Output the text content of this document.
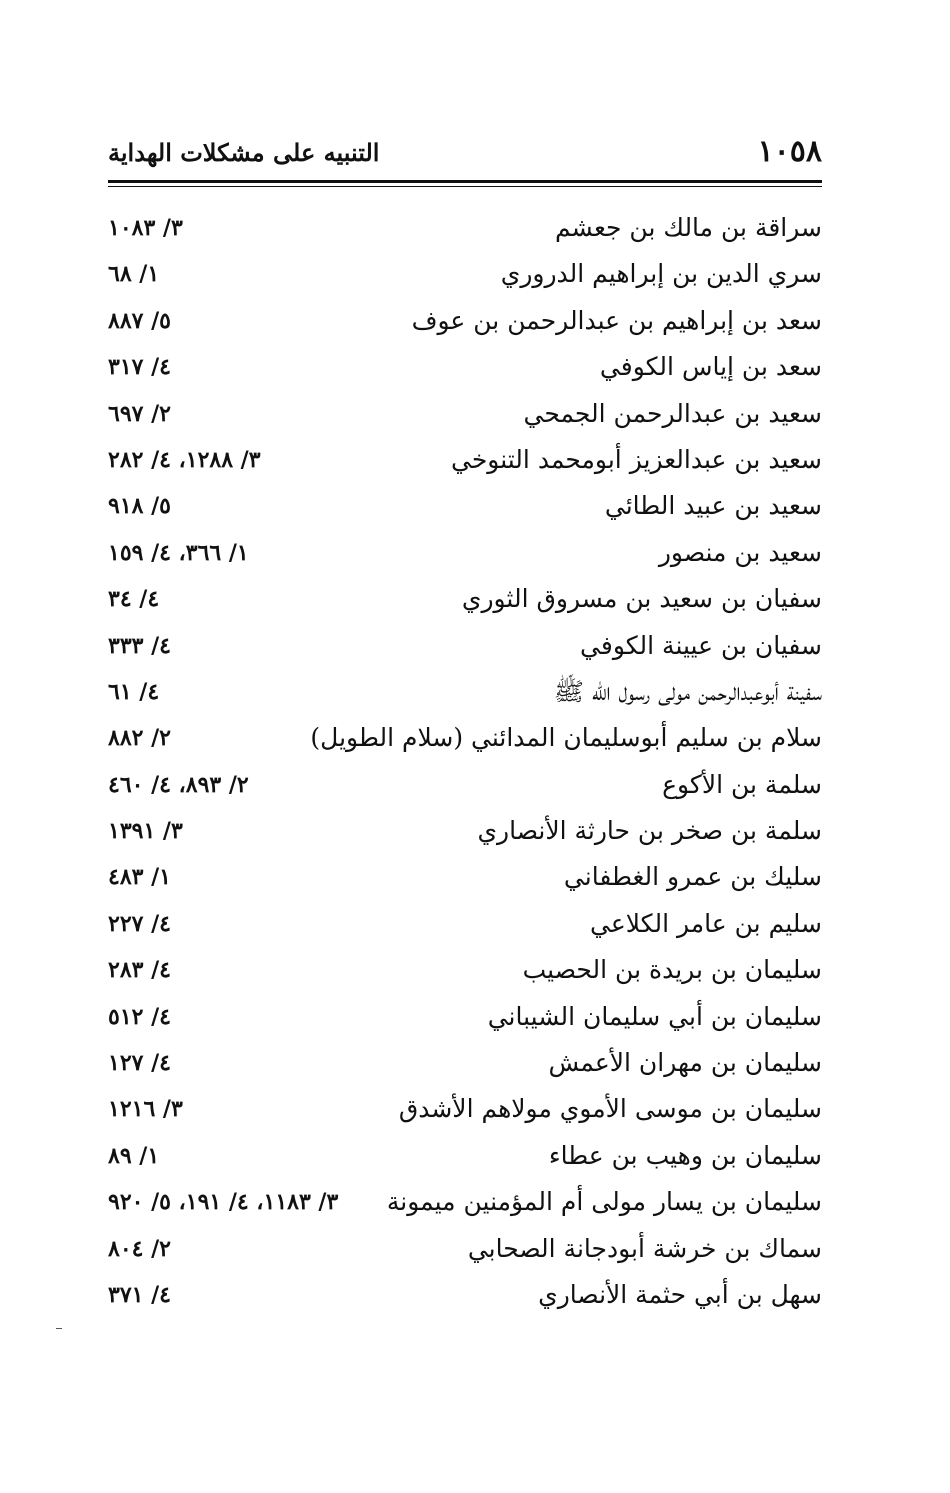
١٠٥٨
التنبيه على مشكلات الهداية
سراقة بن مالك بن جعشم
٣/ ١٠٨٣
سري الدين بن إبراهيم الدروري
١/ ٦٨
سعد بن إبراهيم بن عبدالرحمن بن عوف
٥/ ٨٨٧
سعد بن إياس الكوفي
٤/ ٣١٧
سعيد بن عبدالرحمن الجمحي
٢/ ٦٩٧
سعيد بن عبدالعزيز أبومحمد التنوخي
٣/ ١٢٨٨، ٤/ ٢٨٢
سعيد بن عبيد الطائي
٥/ ٩١٨
سعيد بن منصور
١/ ٣٦٦، ٤/ ١٥٩
سفيان بن سعيد بن مسروق الثوري
٤/ ٣٤
سفيان بن عيينة الكوفي
٤/ ٣٣٣
سفينة أبوعبدالرحمن مولى رسول اللّٰه ﷺ
٤/ ٦١
سلام بن سليم أبوسليمان المدائني (سلام الطويل)
٢/ ٨٨٢
سلمة بن الأكوع
٢/ ٨٩٣، ٤/ ٤٦٠
سلمة بن صخر بن حارثة الأنصاري
٣/ ١٣٩١
سليك بن عمرو الغطفاني
١/ ٤٨٣
سليم بن عامر الكلاعي
٤/ ٢٢٧
سليمان بن بريدة بن الحصيب
٤/ ٢٨٣
سليمان بن أبي سليمان الشيباني
٤/ ٥١٢
سليمان بن مهران الأعمش
٤/ ١٢٧
سليمان بن موسى الأموي مولاهم الأشدق
٣/ ١٢١٦
سليمان بن وهيب بن عطاء
١/ ٨٩
سليمان بن يسار مولى أم المؤمنين ميمونة
٣/ ١١٨٣، ٤/ ١٩١، ٥/ ٩٢٠
سماك بن خرشة أبودجانة الصحابي
٢/ ٨٠٤
سهل بن أبي حثمة الأنصاري
٤/ ٣٧١
